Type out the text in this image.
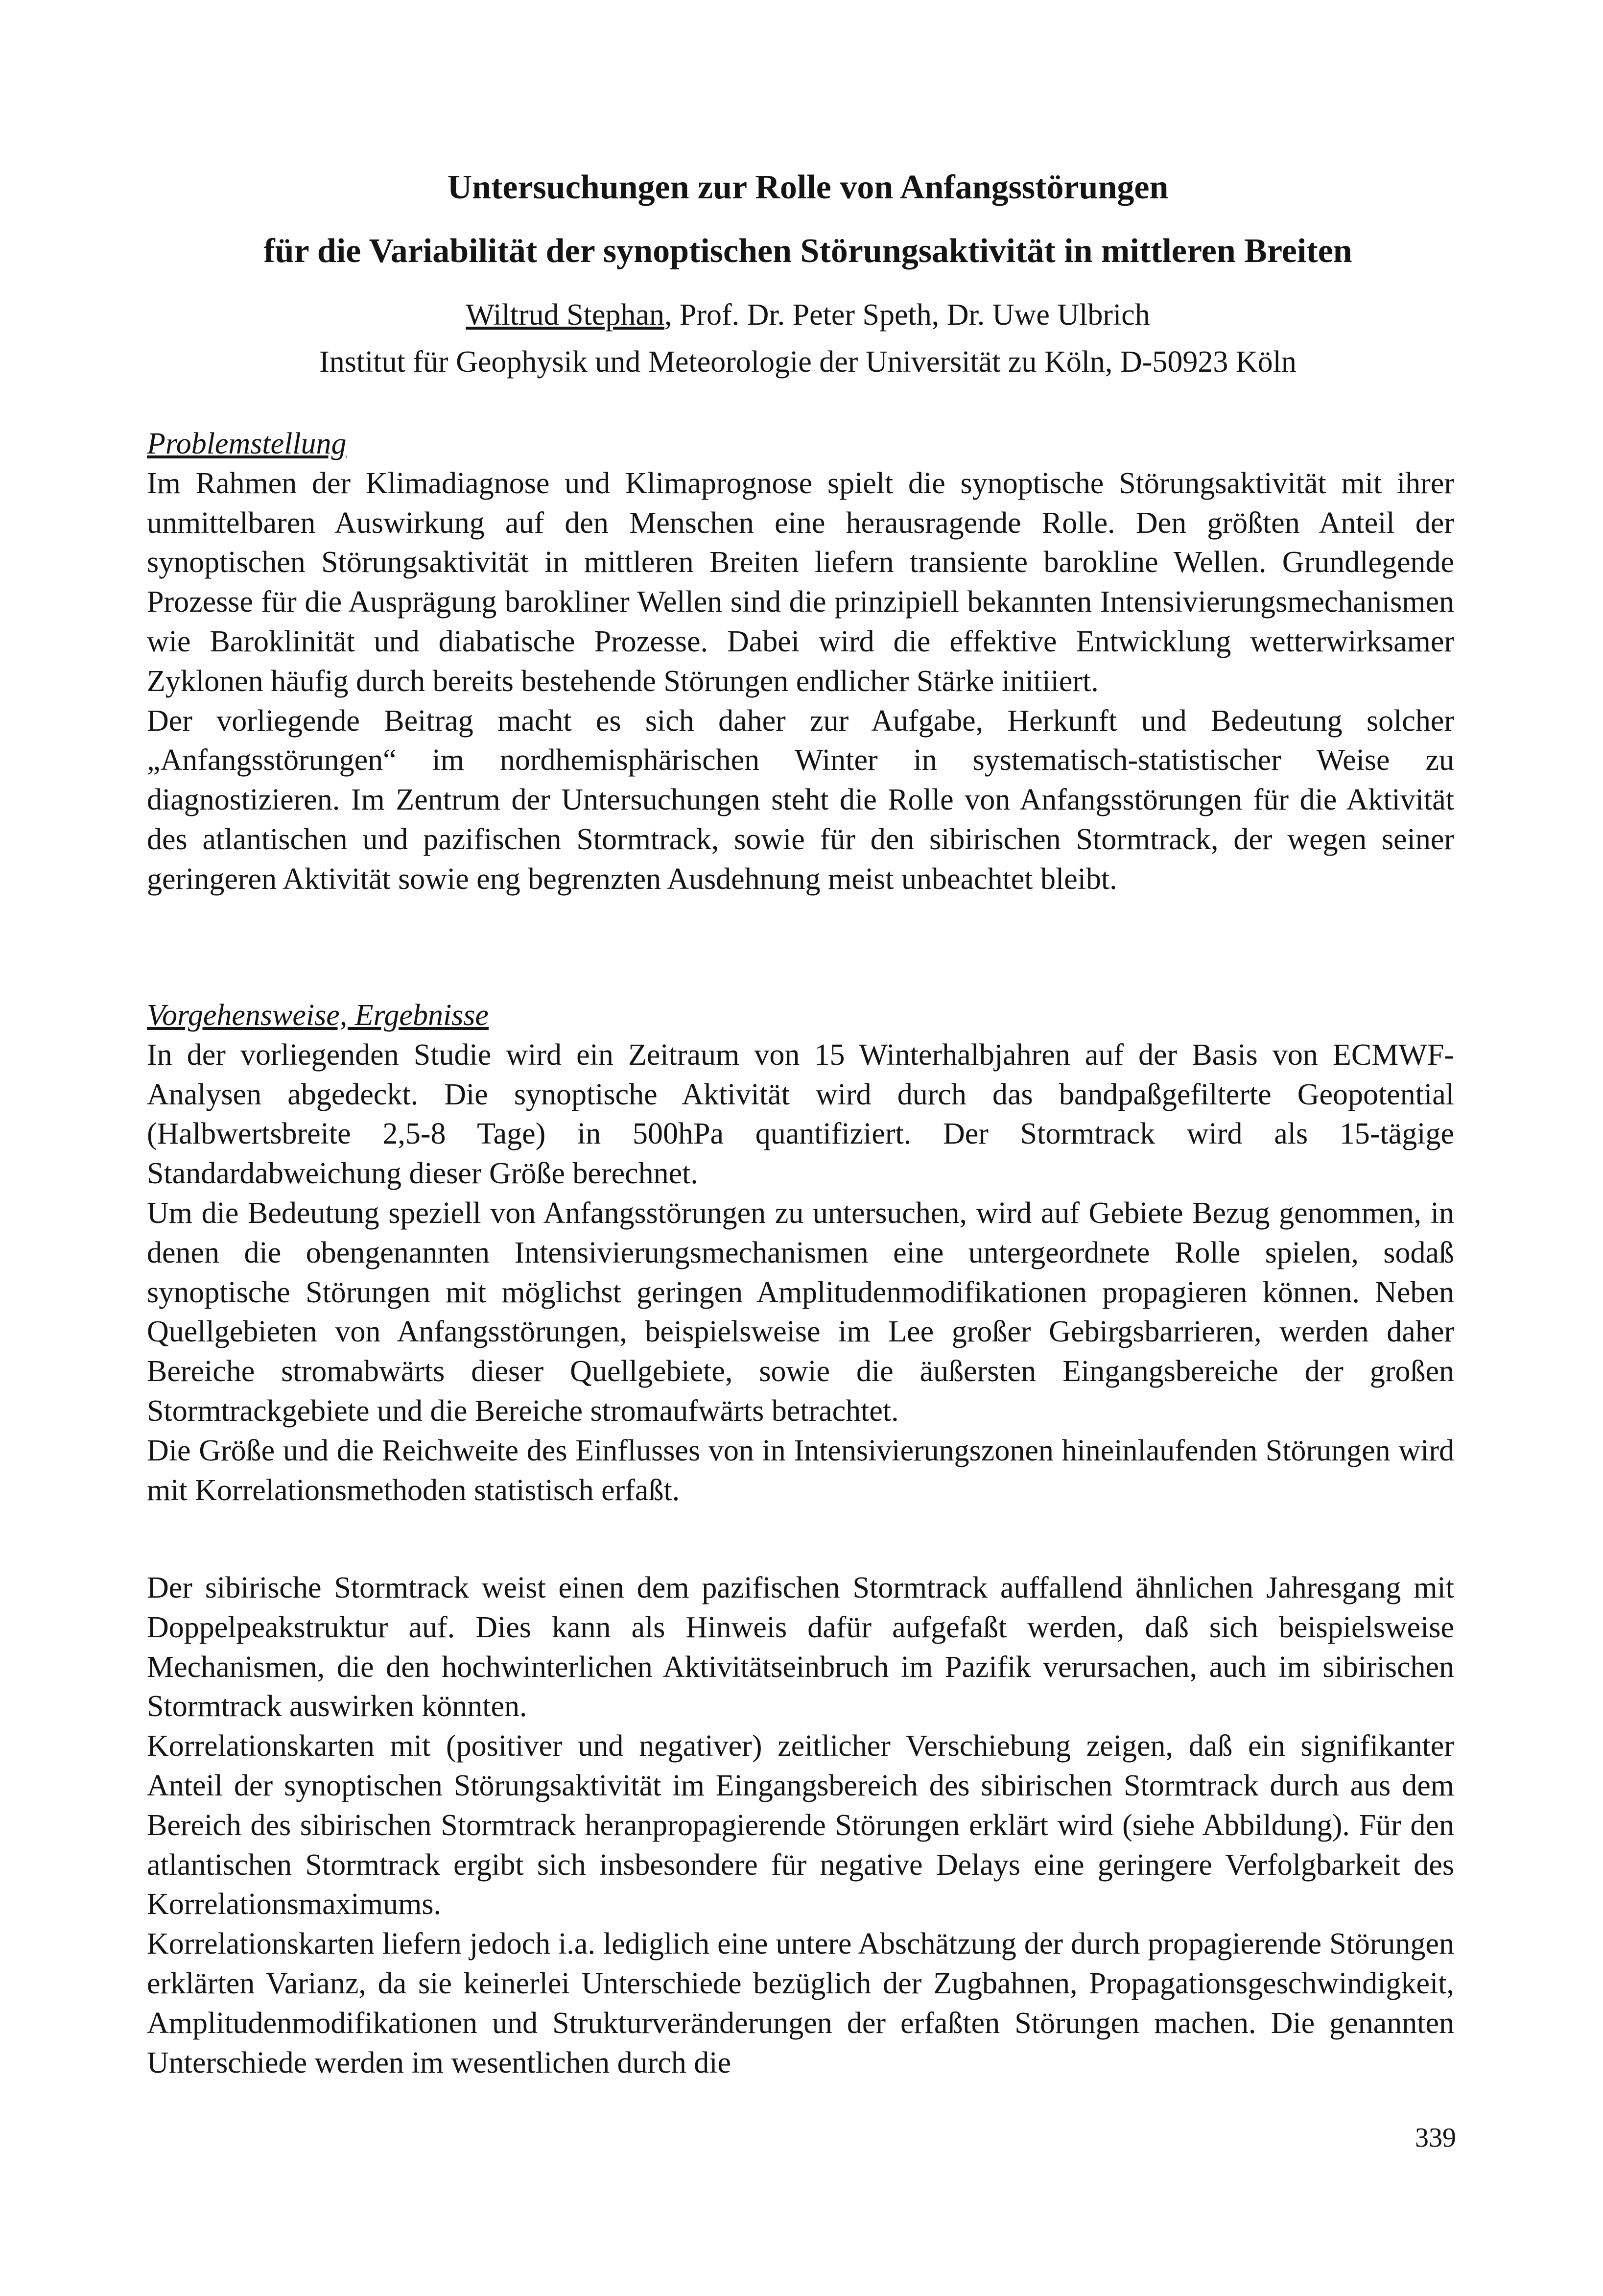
Untersuchungen zur Rolle von Anfangsstörungen
für die Variabilität der synoptischen Störungsaktivität in mittleren Breiten
Wiltrud Stephan, Prof. Dr. Peter Speth, Dr. Uwe Ulbrich
Institut für Geophysik und Meteorologie der Universität zu Köln, D-50923 Köln
Problemstellung

Im Rahmen der Klimadiagnose und Klimaprognose spielt die synoptische Störungsaktivität mit ihrer unmittelbaren Auswirkung auf den Menschen eine herausragende Rolle. Den größten Anteil der synoptischen Störungsaktivität in mittleren Breiten liefern transiente barokline Wellen. Grundlegende Prozesse für die Ausprägung barokliner Wellen sind die prinzipiell bekannten Intensivierungsmechanismen wie Baroklinität und diabatische Prozesse. Dabei wird die effektive Entwicklung wetterwirksamer Zyklonen häufig durch bereits bestehende Störungen endlicher Stärke initiiert.

Der vorliegende Beitrag macht es sich daher zur Aufgabe, Herkunft und Bedeutung solcher „Anfangsstörungen“ im nordhemisphärischen Winter in systematisch-statistischer Weise zu diagnostizieren. Im Zentrum der Untersuchungen steht die Rolle von Anfangsstörungen für die Aktivität des atlantischen und pazifischen Stormtrack, sowie für den sibirischen Stormtrack, der wegen seiner geringeren Aktivität sowie eng begrenzten Ausdehnung meist unbeachtet bleibt.

Vorgehensweise, Ergebnisse

In der vorliegenden Studie wird ein Zeitraum von 15 Winterhalbjahren auf der Basis von ECMWF-Analysen abgedeckt. Die synoptische Aktivität wird durch das bandpaßgefilterte Geopotential (Halbwertsbreite 2,5-8 Tage) in 500hPa quantifiziert. Der Stormtrack wird als 15-tägige Standardabweichung dieser Größe berechnet.

Um die Bedeutung speziell von Anfangsstörungen zu untersuchen, wird auf Gebiete Bezug genommen, in denen die obengenannten Intensivierungsmechanismen eine untergeordnete Rolle spielen, sodaß synoptische Störungen mit möglichst geringen Amplitudenmodifikationen propagieren können. Neben Quellgebieten von Anfangsstörungen, beispielsweise im Lee großer Gebirgsbarrieren, werden daher Bereiche stromabwärts dieser Quellgebiete, sowie die äußersten Eingangsbereiche der großen Stormtrackgebiete und die Bereiche stromaufwärts betrachtet.

Die Größe und die Reichweite des Einflusses von in Intensivierungszonen hineinlaufenden Störungen wird mit Korrelationsmethoden statistisch erfaßt.

Der sibirische Stormtrack weist einen dem pazifischen Stormtrack auffallend ähnlichen Jahresgang mit Doppelpeakstruktur auf. Dies kann als Hinweis dafür aufgefaßt werden, daß sich beispielsweise Mechanismen, die den hochwinterlichen Aktivitätseinbruch im Pazifik verursachen, auch im sibirischen Stormtrack auswirken könnten.

Korrelationskarten mit (positiver und negativer) zeitlicher Verschiebung zeigen, daß ein signifikanter Anteil der synoptischen Störungsaktivität im Eingangsbereich des sibirischen Stormtrack durch aus dem Bereich des sibirischen Stormtrack heranpropagierende Störungen erklärt wird (siehe Abbildung). Für den atlantischen Stormtrack ergibt sich insbesondere für negative Delays eine geringere Verfolgbarkeit des Korrelationsmaximums.

Korrelationskarten liefern jedoch i.a. lediglich eine untere Abschätzung der durch propagierende Störungen erklärten Varianz, da sie keinerlei Unterschiede bezüglich der Zugbahnen, Propagationsgeschwindigkeit, Amplitudenmodifikationen und Strukturveränderungen der erfaßten Störungen machen. Die genannten Unterschiede werden im wesentlichen durch die

339
